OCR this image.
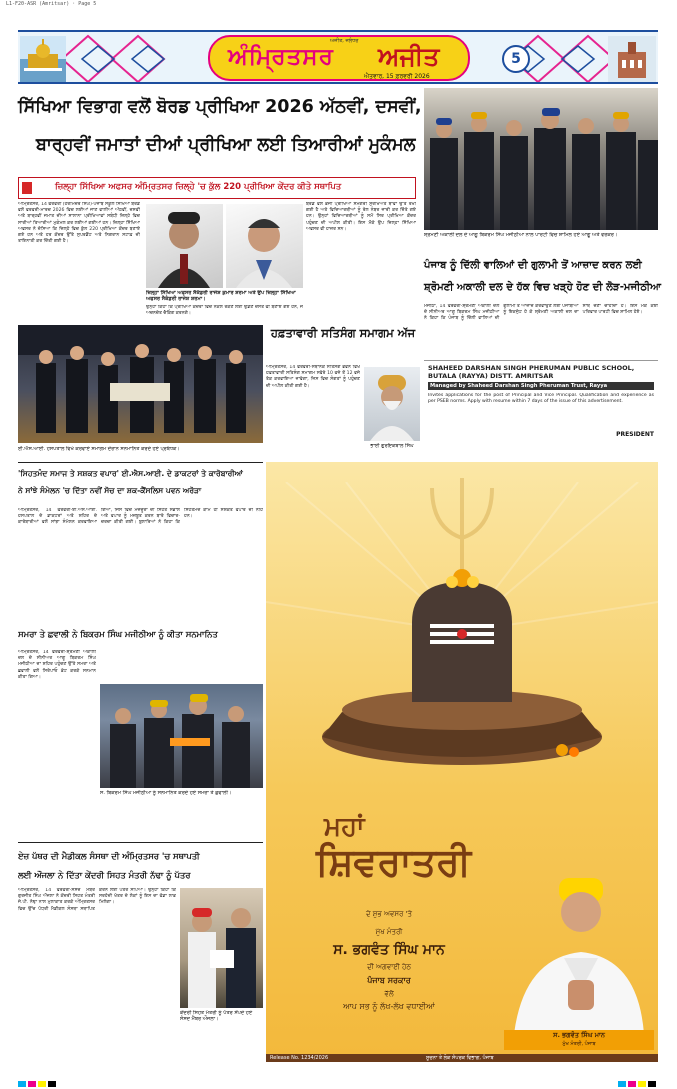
L1-F20-ASR (Amritsar) · Page 5
ਅਜੀਤ, ਜਲੰਧਰ
ਅੰਮ੍ਰਿਤਸਰ ਅਜੀਤ
ਐਤਵਾਰ, 15 ਫ਼ਰਵਰੀ 2026
5
ਸਿੱਖਿਆ ਵਿਭਾਗ ਵਲੋਂ ਬੋਰਡ ਪ੍ਰੀਖਿਆ 2026 ਅੱਠਵੀਂ, ਦਸਵੀਂ,
ਬਾਰ੍ਹਵੀਂ ਜਮਾਤਾਂ ਦੀਆਂ ਪ੍ਰੀਖਿਆ ਲਈ ਤਿਆਰੀਆਂ ਮੁਕੰਮਲ
ਜ਼ਿਲ੍ਹਾ ਸਿੱਖਿਆ ਅਫਸਰ ਅੰਮ੍ਰਿਤਸਰ ਜ਼ਿਲ੍ਹੇ 'ਚ ਕੁੱਲ 220 ਪ੍ਰੀਖਿਆ ਕੇਂਦਰ ਕੀਤੇ ਸਥਾਪਿਤ
ਅੰਮ੍ਰਿਤਸਰ, 14 ਫਰਵਰੀ (ਹਰਮਿੰਦਰ ਸਿੰਘ)-ਪੰਜਾਬ ਸਕੂਲ ਸਿੱਖਿਆ ਬੋਰਡ ਵਲੋਂ ਫਰਵਰੀ-ਮਾਰਚ 2026 ਵਿਚ ਲਈਆਂ ਜਾਣ ਵਾਲੀਆਂ ਅੱਠਵੀਂ, ਦਸਵੀਂ ਅਤੇ ਬਾਰ੍ਹਵੀਂ ਜਮਾਤ ਦੀਆਂ ਸਾਲਾਨਾ ਪ੍ਰੀਖਿਆਵਾਂ ਸਬੰਧੀ ਜ਼ਿਲ੍ਹੇ ਵਿਚ ਸਾਰੀਆਂ ਤਿਆਰੀਆਂ ਮੁਕੰਮਲ ਕਰ ਲਈਆਂ ਗਈਆਂ ਹਨ। ਜ਼ਿਲ੍ਹਾ ਸਿੱਖਿਆ ਅਫਸਰ ਨੇ ਦੱਸਿਆ ਕਿ ਜ਼ਿਲ੍ਹੇ ਵਿਚ ਕੁੱਲ 220 ਪ੍ਰੀਖਿਆ ਕੇਂਦਰ ਬਣਾਏ ਗਏ ਹਨ ਅਤੇ ਹਰ ਕੇਂਦਰ ਉੱਤੇ ਸੁਪਰਡੈਂਟ ਅਤੇ ਨਿਗਰਾਨ ਸਟਾਫ਼ ਦੀ ਤਾਇਨਾਤੀ ਕਰ ਦਿੱਤੀ ਗਈ ਹੈ।
ਜ਼ਿਲ੍ਹਾ ਸਿੱਖਿਆ ਅਫਸਰ ਸੈਕੰਡਰੀ ਰਾਜੇਸ਼ ਕੁਮਾਰ ਸ਼ਰਮਾ ਅਤੇ ਉਪ ਜ਼ਿਲ੍ਹਾ ਸਿੱਖਿਆ ਅਫਸਰ ਸੈਕੰਡਰੀ ਰਾਜੇਸ਼ ਸ਼ਰਮਾ।
ਉਨ੍ਹਾਂ ਕਿਹਾ ਕਿ ਪ੍ਰੀਖਿਆ ਕੇਂਦਰਾਂ ਵਿਚ ਨਕਲ ਰੋਕਣ ਲਈ ਉਡਣ ਦਸਤੇ ਵੀ ਬਣਾਏ ਗਏ ਹਨ, ਜੋ ਅਚਨਚੇਤ ਚੈਕਿੰਗ ਕਰਨਗੇ।
ਬੋਰਡ ਵਲੋਂ ਭੇਜੀ ਪ੍ਰੀਖਿਆ ਸਮੱਗਰੀ ਸੁਰੱਖਿਅਤ ਥਾਵਾਂ ਉੱਤੇ ਰੱਖੀ ਗਈ ਹੈ ਅਤੇ ਵਿਦਿਆਰਥੀਆਂ ਨੂੰ ਰੋਲ ਨੰਬਰ ਜਾਰੀ ਕਰ ਦਿੱਤੇ ਗਏ ਹਨ। ਉਨ੍ਹਾਂ ਵਿਦਿਆਰਥੀਆਂ ਨੂੰ ਸਮੇਂ ਸਿਰ ਪ੍ਰੀਖਿਆ ਕੇਂਦਰ ਪਹੁੰਚਣ ਦੀ ਅਪੀਲ ਕੀਤੀ। ਇਸ ਮੌਕੇ ਉਪ ਜ਼ਿਲ੍ਹਾ ਸਿੱਖਿਆ ਅਫਸਰ ਵੀ ਹਾਜ਼ਰ ਸਨ।
ਈ.ਐਸ.ਆਈ. ਹਸਪਤਾਲ ਵਿਖੇ ਕਰਵਾਏ ਸਮਾਗਮ ਦੌਰਾਨ ਸਨਮਾਨਿਤ ਕਰਦੇ ਹੋਏ ਪ੍ਰਬੰਧਕ।
ਸ਼੍ਰੋਮਣੀ ਅਕਾਲੀ ਦਲ ਦੇ ਆਗੂ ਬਿਕਰਮ ਸਿੰਘ ਮਜੀਠੀਆ ਨਾਲ ਪਾਰਟੀ ਵਿਚ ਸ਼ਾਮਿਲ ਹੋਏ ਆਗੂ ਅਤੇ ਵਰਕਰ।
ਪੰਜਾਬ ਨੂੰ ਦਿੱਲੀ ਵਾਲਿਆਂ ਦੀ ਗੁਲਾਮੀ ਤੋਂ ਆਜ਼ਾਦ ਕਰਨ ਲਈ
ਸ਼੍ਰੋਮਣੀ ਅਕਾਲੀ ਦਲ ਦੇ ਹੱਕ ਵਿਚ ਖੜ੍ਹੇ ਹੋਣ ਦੀ ਲੋੜ-ਮਜੀਠੀਆ
ਮਜੀਠਾ, 14 ਫਰਵਰੀ-ਸ਼੍ਰੋਮਣੀ ਅਕਾਲੀ ਦਲ ਦੇ ਸੀਨੀਅਰ ਆਗੂ ਬਿਕਰਮ ਸਿੰਘ ਮਜੀਠੀਆ ਨੇ ਕਿਹਾ ਕਿ ਪੰਜਾਬ ਨੂੰ ਦਿੱਲੀ ਵਾਲਿਆਂ ਦੀ ਗੁਲਾਮੀ ਤੋਂ ਆਜ਼ਾਦ ਕਰਵਾਉਣ ਲਈ ਪੰਜਾਬੀਆਂ ਨੂੰ ਇਕਜੁੱਟ ਹੋ ਕੇ ਸ਼੍ਰੋਮਣੀ ਅਕਾਲੀ ਦਲ ਦਾ ਸਾਥ ਦੇਣਾ ਚਾਹੀਦਾ ਹੈ। ਇਸ ਮੌਕੇ ਕਈ ਪਰਿਵਾਰ ਪਾਰਟੀ ਵਿਚ ਸ਼ਾਮਿਲ ਹੋਏ।
ਹਫ਼ਤਾਵਾਰੀ ਸਤਿਸੰਗ ਸਮਾਗਮ ਅੱਜ
ਅੰਮ੍ਰਿਤਸਰ, 14 ਫਰਵਰੀ-ਸਥਾਨਕ ਸਤਿਸੰਗ ਭਵਨ ਵਿਖੇ ਹਫ਼ਤਾਵਾਰੀ ਸਤਿਸੰਗ ਸਮਾਗਮ ਸਵੇਰੇ 10 ਵਜੇ ਤੋਂ 12 ਵਜੇ ਤੱਕ ਕਰਵਾਇਆ ਜਾਵੇਗਾ, ਜਿਸ ਵਿਚ ਸੰਗਤਾਂ ਨੂੰ ਪਹੁੰਚਣ ਦੀ ਅਪੀਲ ਕੀਤੀ ਗਈ ਹੈ।
ਭਾਈ ਗੁਰਇਕਬਾਲ ਸਿੰਘ
SHAHEED DARSHAN SINGH PHERUMAN PUBLIC SCHOOL, BUTALA (RAYYA) DISTT. AMRITSAR
Managed by Shaheed Darshan Singh Pheruman Trust, Rayya
Invites applications for the post of Principal and Vice Principal. Qualification and experience as per PSEB norms. Apply with resume within 7 days of the issue of this advertisement.
PRESIDENT
'ਸਿਹਤਮੰਦ ਸਮਾਜ ਤੇ ਸਸ਼ਕਤ ਵਪਾਰ' ਈ.ਐਸ.ਆਈ. ਦੇ ਡਾਕਟਰਾਂ ਤੇ ਕਾਰੋਬਾਰੀਆਂ
ਨੇ ਸਾਂਝੇ ਸੰਮੇਲਨ 'ਚ ਦਿੱਤਾ ਨਵੀਂ ਸੋਚ ਦਾ ਸ਼ਕ-ਕੈਂਸਲਿਸ ਪਵਨ ਅਰੋੜਾ
ਅੰਮ੍ਰਿਤਸਰ, 14 ਫਰਵਰੀ-ਈ.ਐਸ.ਆਈ. ਹਸਪਤਾਲ ਦੇ ਡਾਕਟਰਾਂ ਅਤੇ ਸ਼ਹਿਰ ਦੇ ਕਾਰੋਬਾਰੀਆਂ ਵਲੋਂ ਸਾਂਝਾ ਸੰਮੇਲਨ ਕਰਵਾਇਆ ਗਿਆ, ਜਿਸ ਵਿਚ ਮਜ਼ਦੂਰਾਂ ਦੀ ਸਿਹਤ ਸੰਭਾਲ ਅਤੇ ਵਪਾਰ ਨੂੰ ਮਜ਼ਬੂਤ ਕਰਨ ਬਾਰੇ ਵਿਚਾਰ-ਚਰਚਾ ਕੀਤੀ ਗਈ। ਬੁਲਾਰਿਆਂ ਨੇ ਕਿਹਾ ਕਿ ਸਿਹਤਮੰਦ ਕਾਮੇ ਹੀ ਸਸ਼ਕਤ ਵਪਾਰ ਦੀ ਨੀਂਹ ਹਨ।
ਸਮਰਾ ਤੇ ਛਵਾਲੀ ਨੇ ਬਿਕਰਮ ਸਿੰਘ ਮਜੀਠੀਆ ਨੂੰ ਕੀਤਾ ਸਨਮਾਨਿਤ
ਅੰਮ੍ਰਿਤਸਰ, 14 ਫਰਵਰੀ-ਸ਼੍ਰੋਮਣੀ ਅਕਾਲੀ ਦਲ ਦੇ ਸੀਨੀਅਰ ਆਗੂ ਬਿਕਰਮ ਸਿੰਘ ਮਜੀਠੀਆ ਦਾ ਸ਼ਹਿਰ ਪਹੁੰਚਣ ਉੱਤੇ ਸਮਰਾ ਅਤੇ ਛਵਾਲੀ ਵਲੋਂ ਸਿਰੋਪਾਓ ਭੇਟ ਕਰਕੇ ਸਨਮਾਨ ਕੀਤਾ ਗਿਆ।
ਸ. ਬਿਕਰਮ ਸਿੰਘ ਮਜੀਠੀਆ ਨੂੰ ਸਨਮਾਨਿਤ ਕਰਦੇ ਹੋਏ ਸਮਰਾ ਤੇ ਛਵਾਲੀ।
ਏਜ਼ ਪੱਥਰ ਦੀ ਮੈਡੀਕਲ ਸੰਸਥਾ ਦੀ ਅੰਮ੍ਰਿਤਸਰ 'ਚ ਸਥਾਪਤੀ
ਲਈ ਔਜਲਾ ਨੇ ਦਿੱਤਾ ਕੇਂਦਰੀ ਸਿਹਤ ਮੰਤਰੀ ਨੱਢਾ ਨੂੰ ਪੱਤਰ
ਅੰਮ੍ਰਿਤਸਰ, 14 ਫਰਵਰੀ-ਸੰਸਦ ਮੈਂਬਰ ਗੁਰਜੀਤ ਸਿੰਘ ਔਜਲਾ ਨੇ ਕੇਂਦਰੀ ਸਿਹਤ ਮੰਤਰੀ ਜੇ.ਪੀ. ਨੱਢਾ ਨਾਲ ਮੁਲਾਕਾਤ ਕਰਕੇ ਅੰਮ੍ਰਿਤਸਰ ਵਿਚ ਉੱਚ ਪੱਧਰੀ ਮੈਡੀਕਲ ਸੰਸਥਾ ਸਥਾਪਿਤ ਕਰਨ ਲਈ ਪੱਤਰ ਸੌਂਪਿਆ। ਉਨ੍ਹਾਂ ਕਿਹਾ ਕਿ ਸਰਹੱਦੀ ਖੇਤਰ ਦੇ ਲੋਕਾਂ ਨੂੰ ਇਸ ਦਾ ਵੱਡਾ ਲਾਭ ਮਿਲੇਗਾ।
ਕੇਂਦਰੀ ਸਿਹਤ ਮੰਤਰੀ ਨੂੰ ਪੱਤਰ ਸੌਂਪਦੇ ਹੋਏ ਸੰਸਦ ਮੈਂਬਰ ਔਜਲਾ।
ਮਹਾਂ
ਸ਼ਿਵਰਾਤਰੀ
ਦੇ ਸ਼ੁਭ ਅਵਸਰ 'ਤੇ
ਮੁੱਖ ਮੰਤਰੀ
ਸ. ਭਗਵੰਤ ਸਿੰਘ ਮਾਨ
ਦੀ ਅਗਵਾਈ ਹੇਠ
ਪੰਜਾਬ ਸਰਕਾਰ
ਵੱਲੋਂ
ਆਪ ਸਭ ਨੂੰ ਲੱਖ-ਲੱਖ ਵਧਾਈਆਂ
ਸ. ਭਗਵੰਤ ਸਿੰਘ ਮਾਨ
ਮੁੱਖ ਮੰਤਰੀ, ਪੰਜਾਬ
Release No. 1234/2026	ਸੂਚਨਾ ਤੇ ਲੋਕ ਸੰਪਰਕ ਵਿਭਾਗ, ਪੰਜਾਬ
